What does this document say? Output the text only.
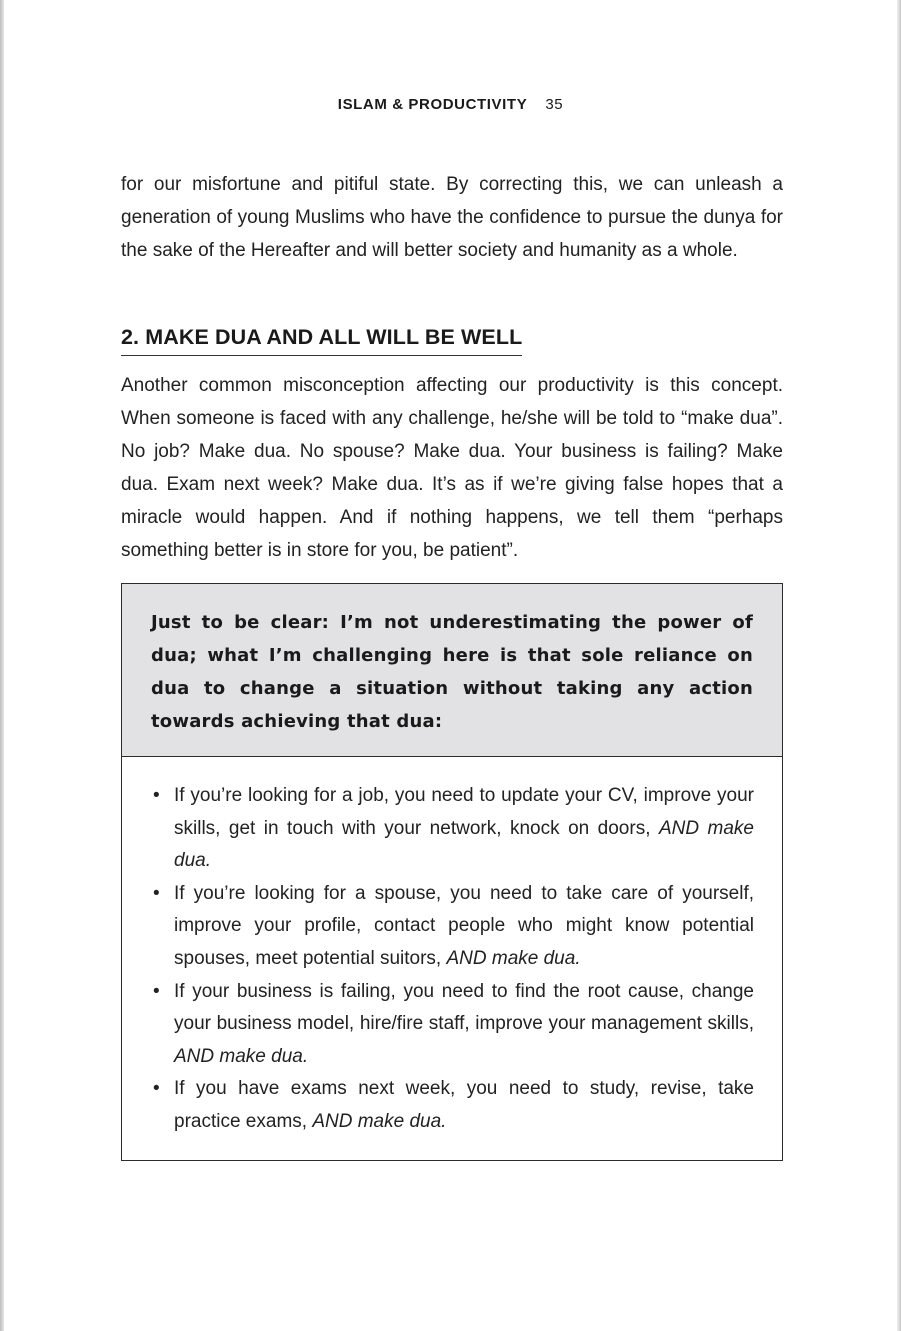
ISLAM & PRODUCTIVITY 35

for our misfortune and pitiful state. By correcting this, we can unleash a generation of young Muslims who have the confidence to pursue the dunya for the sake of the Hereafter and will better society and humanity as a whole.

2. MAKE DUA AND ALL WILL BE WELL

Another common misconception affecting our productivity is this concept. When someone is faced with any challenge, he/she will be told to “make dua”. No job? Make dua. No spouse? Make dua. Your business is failing? Make dua. Exam next week? Make dua. It’s as if we’re giving false hopes that a miracle would happen. And if nothing happens, we tell them “perhaps something better is in store for you, be patient”.

Just to be clear: I’m not underestimating the power of dua; what I’m challenging here is that sole reliance on dua to change a situation without taking any action towards achieving that dua:

• If you’re looking for a job, you need to update your CV, improve your skills, get in touch with your network, knock on doors, AND make dua.
• If you’re looking for a spouse, you need to take care of yourself, improve your profile, contact people who might know potential spouses, meet potential suitors, AND make dua.
• If your business is failing, you need to find the root cause, change your business model, hire/fire staff, improve your management skills, AND make dua.
• If you have exams next week, you need to study, revise, take practice exams, AND make dua.
